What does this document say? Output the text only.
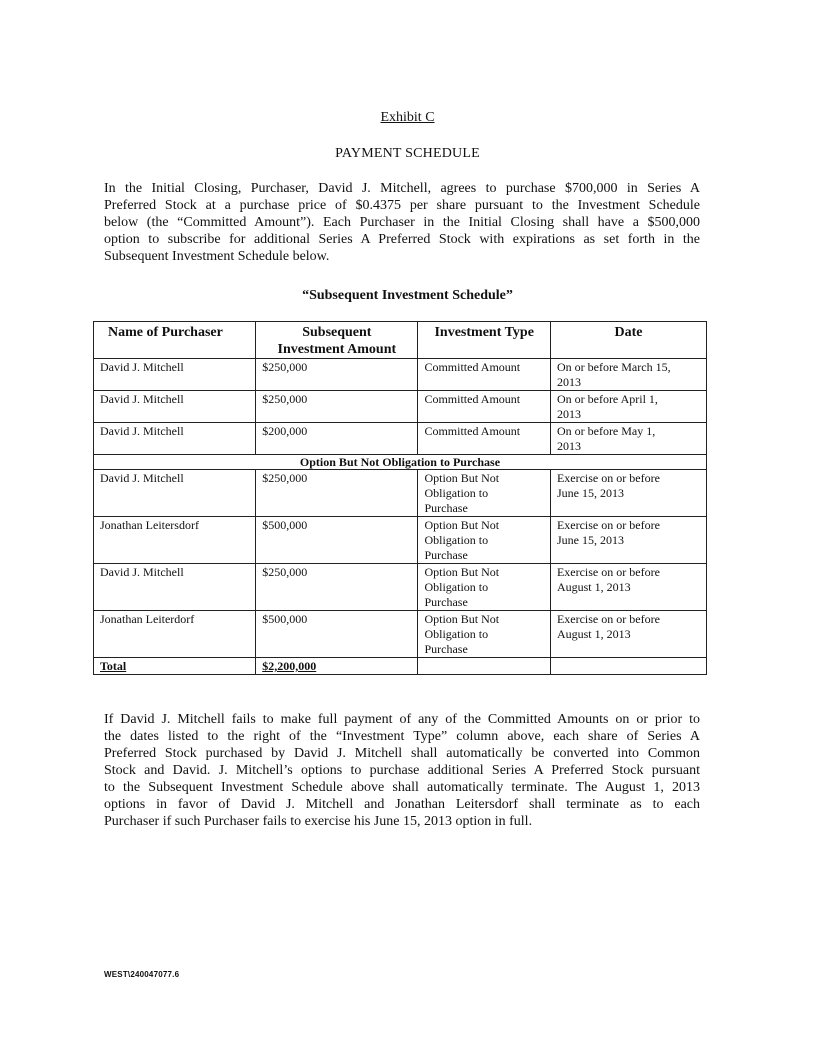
Exhibit C
PAYMENT SCHEDULE
In the Initial Closing, Purchaser, David J. Mitchell, agrees to purchase $700,000 in Series A
Preferred Stock at a purchase price of $0.4375 per share pursuant to the Investment Schedule
below (the “Committed Amount”). Each Purchaser in the Initial Closing shall have a $500,000
option to subscribe for additional Series A Preferred Stock with expirations as set forth in the
Subsequent Investment Schedule below.
“Subsequent Investment Schedule”
Name of Purchaser	Subsequent
Investment Amount	Investment Type	Date
David J. Mitchell	$250,000	Committed Amount	On or before March 15,
2013
David J. Mitchell	$250,000	Committed Amount	On or before April 1,
2013
David J. Mitchell	$200,000	Committed Amount	On or before May 1,
2013
Option But Not Obligation to Purchase			
David J. Mitchell	$250,000	Option But Not
Obligation to
Purchase	Exercise on or before
June 15, 2013
Jonathan Leitersdorf	$500,000	Option But Not
Obligation to
Purchase	Exercise on or before
June 15, 2013
David J. Mitchell	$250,000	Option But Not
Obligation to
Purchase	Exercise on or before
August 1, 2013
Jonathan Leiterdorf	$500,000	Option But Not
Obligation to
Purchase	Exercise on or before
August 1, 2013
Total	$2,200,000		
If David J. Mitchell fails to make full payment of any of the Committed Amounts on or prior to
the dates listed to the right of the “Investment Type” column above, each share of Series A
Preferred Stock purchased by David J. Mitchell shall automatically be converted into Common
Stock and David. J. Mitchell’s options to purchase additional Series A Preferred Stock pursuant
to the Subsequent Investment Schedule above shall automatically terminate. The August 1, 2013
options in favor of David J. Mitchell and Jonathan Leitersdorf shall terminate as to each
Purchaser if such Purchaser fails to exercise his June 15, 2013 option in full.
WEST\240047077.6
